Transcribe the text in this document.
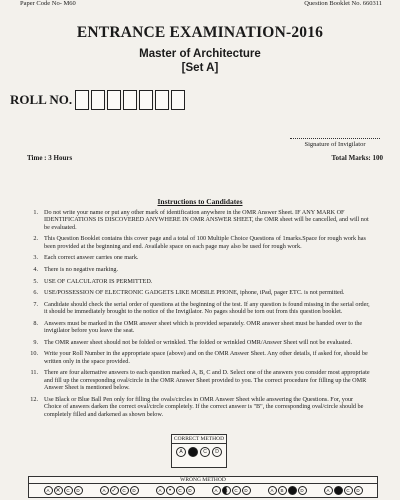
Paper Code No- M60	Question Booklet No. 660311
ENTRANCE EXAMINATION-2016
Master of Architecture
[Set A]
ROLL NO.
Signature of Invigilator
Time : 3 Hours	Total Marks: 100
Instructions to Candidates
1. Do not write your name or put any other mark of identification anywhere in the OMR Answer Sheet. IF ANY MARK OF IDENTIFICATIONS IS DISCOVERED ANYWHERE IN OMR ANSWER SHEET, the OMR sheet will be cancelled, and will not be evaluated.
2. This Question Booklet contains this cover page and a total of 100 Multiple Choice Questions of 1marks.Space for rough work has been provided at the beginning and end. Available space on each page may also be used for rough work.
3. Each correct answer carries one mark.
4. There is no negative marking.
5. USE OF CALCULATOR IS PERMITTED.
6. USE/POSSESSION OF ELECTRONIC GADGETS LIKE MOBILE PHONE, iphone, iPad, pager ETC. is not permitted.
7. Candidate should check the serial order of questions at the beginning of the test. If any question is found missing in the serial order, it should be immediately brought to the notice of the Invigilator. No pages should be torn out from this question booklet.
8. Answers must be marked in the OMR answer sheet which is provided separately. OMR answer sheet must be handed over to the invigilator before you leave the seat.
9. The OMR answer sheet should not be folded or wrinkled. The folded or wrinkled OMR/Answer Sheet will not be evaluated.
10. Write your Roll Number in the appropriate space (above) and on the OMR Answer Sheet. Any other details, if asked for, should be written only in the space provided.
11. There are four alternative answers to each question marked A, B, C and D. Select one of the answers you consider most appropriate and fill up the corresponding oval/circle in the OMR Answer Sheet provided to you. The correct procedure for filling up the OMR Answer Sheet is mentioned below.
12. Use Black or Blue Ball Pen only for filling the ovals/circles in OMR Answer Sheet while answering the Questions. For, your Choice of answers darken the correct oval/circle completely. If the correct answer is "B", the corresponding oval/circle should be completely filled and darkened as shown below.
CORRECT METHOD
A	B	C	D
WRONG METHOD
A ✕	C	D	A ✓	C	D	A •	C	D	A	B	C	D	A	B	D	A	C	D
